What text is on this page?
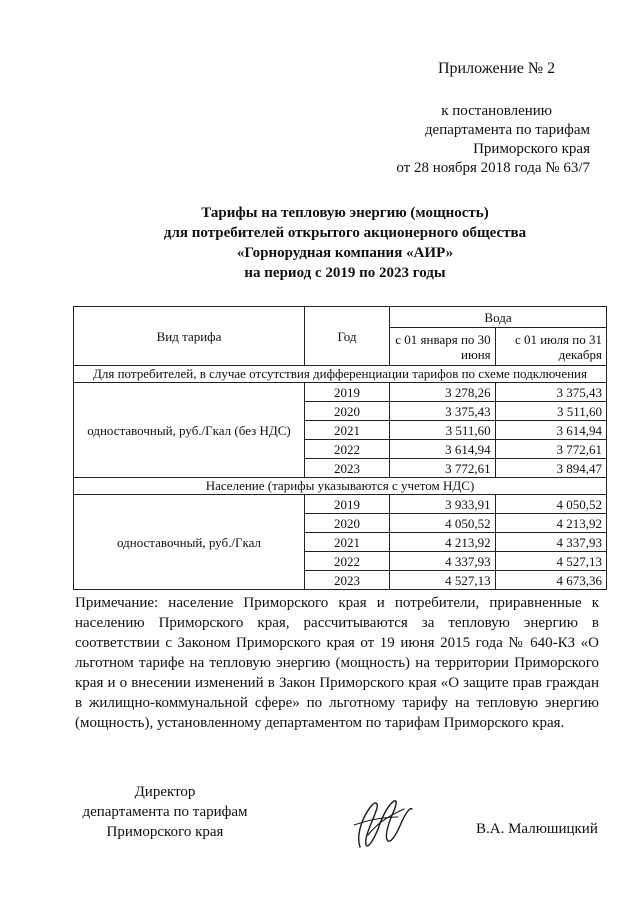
Приложение № 2
к постановлению
департамента по тарифам
Приморского края
от 28 ноября 2018 года № 63/7
Тарифы на тепловую энергию (мощность)
для потребителей открытого акционерного общества
«Горнорудная компания «АИР»
на период с 2019 по 2023 годы
Вид тарифа	Год	Вода	
		с 01 января по 30 июня	с 01 июля по 31 декабря
Для потребителей, в случае отсутствия дифференциации тарифов по схеме подключения			
одноставочный, руб./Гкал (без НДС)	2019	3 278,26	3 375,43
	2020	3 375,43	3 511,60
	2021	3 511,60	3 614,94
	2022	3 614,94	3 772,61
	2023	3 772,61	3 894,47
Население (тарифы указываются с учетом НДС)			
одноставочный, руб./Гкал	2019	3 933,91	4 050,52
	2020	4 050,52	4 213,92
	2021	4 213,92	4 337,93
	2022	4 337,93	4 527,13
	2023	4 527,13	4 673,36
Примечание: население Приморского края и потребители, приравненные к населению Приморского края, рассчитываются за тепловую энергию в соответствии с Законом Приморского края от 19 июня 2015 года № 640-КЗ «О льготном тарифе на тепловую энергию (мощность) на территории Приморского края и о внесении изменений в Закон Приморского края «О защите прав граждан в жилищно-коммунальной сфере» по льготному тарифу на тепловую энергию (мощность), установленному департаментом по тарифам Приморского края.
Директор
департамента по тарифам
Приморского края	В.А. Малюшицкий
